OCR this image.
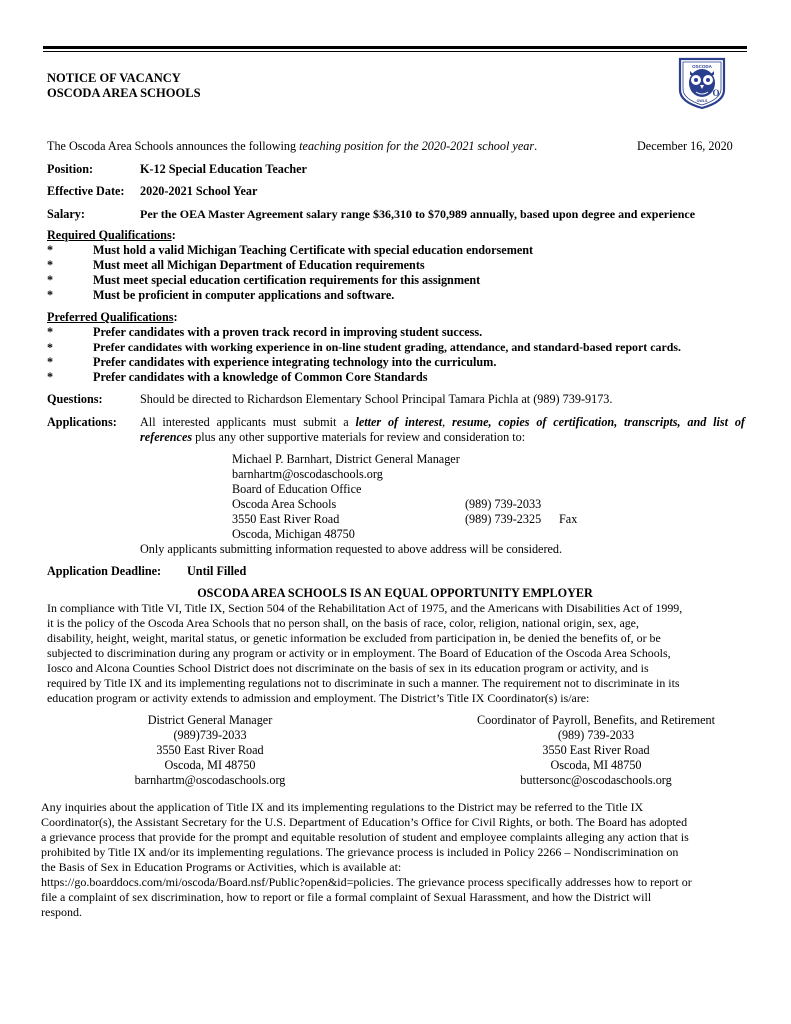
NOTICE OF VACANCY
OSCODA AREA SCHOOLS
OSCODA
OWLS
O
The Oscoda Area Schools announces the following teaching position for the 2020-2021 school year.	December 16, 2020
Position:	K-12 Special Education Teacher
Effective Date: 2020-2021 School Year
Salary:	Per the OEA Master Agreement salary range $36,310 to $70,989 annually, based upon degree and experience
Required Qualifications:
*	Must hold a valid Michigan Teaching Certificate with special education endorsement
*	Must meet all Michigan Department of Education requirements
*	Must meet special education certification requirements for this assignment
*	Must be proficient in computer applications and software.
Preferred Qualifications:
*	Prefer candidates with a proven track record in improving student success.
*	Prefer candidates with working experience in on-line student grading, attendance, and standard-based report cards.
*	Prefer candidates with experience integrating technology into the curriculum.
*	Prefer candidates with a knowledge of Common Core Standards
Questions:	Should be directed to Richardson Elementary School Principal Tamara Pichla at (989) 739-9173.
Applications: All interested applicants must submit a letter of interest, resume, copies of certification, transcripts, and list of
references plus any other supportive materials for review and consideration to:
Michael P. Barnhart, District General Manager
barnhartm@oscodaschools.org
Board of Education Office
Oscoda Area Schools	(989) 739-2033
3550 East River Road	(989) 739-2325 Fax
Oscoda, Michigan 48750
Only applicants submitting information requested to above address will be considered.
Application Deadline: Until Filled
OSCODA AREA SCHOOLS IS AN EQUAL OPPORTUNITY EMPLOYER
In compliance with Title VI, Title IX, Section 504 of the Rehabilitation Act of 1975, and the Americans with Disabilities Act of 1999,
it is the policy of the Oscoda Area Schools that no person shall, on the basis of race, color, religion, national origin, sex, age,
disability, height, weight, marital status, or genetic information be excluded from participation in, be denied the benefits of, or be
subjected to discrimination during any program or activity or in employment. The Board of Education of the Oscoda Area Schools,
Iosco and Alcona Counties School District does not discriminate on the basis of sex in its education program or activity, and is
required by Title IX and its implementing regulations not to discriminate in such a manner. The requirement not to discriminate in its
education program or activity extends to admission and employment. The District’s Title IX Coordinator(s) is/are:
District General Manager
(989)739-2033
3550 East River Road
Oscoda, MI 48750
barnhartm@oscodaschools.org
Coordinator of Payroll, Benefits, and Retirement
(989) 739-2033
3550 East River Road
Oscoda, MI 48750
buttersonc@oscodaschools.org
Any inquiries about the application of Title IX and its implementing regulations to the District may be referred to the Title IX
Coordinator(s), the Assistant Secretary for the U.S. Department of Education’s Office for Civil Rights, or both. The Board has adopted
a grievance process that provide for the prompt and equitable resolution of student and employee complaints alleging any action that is
prohibited by Title IX and/or its implementing regulations. The grievance process is included in Policy 2266 – Nondiscrimination on
the Basis of Sex in Education Programs or Activities, which is available at:
https://go.boarddocs.com/mi/oscoda/Board.nsf/Public?open&id=policies. The grievance process specifically addresses how to report or
file a complaint of sex discrimination, how to report or file a formal complaint of Sexual Harassment, and how the District will
respond.
